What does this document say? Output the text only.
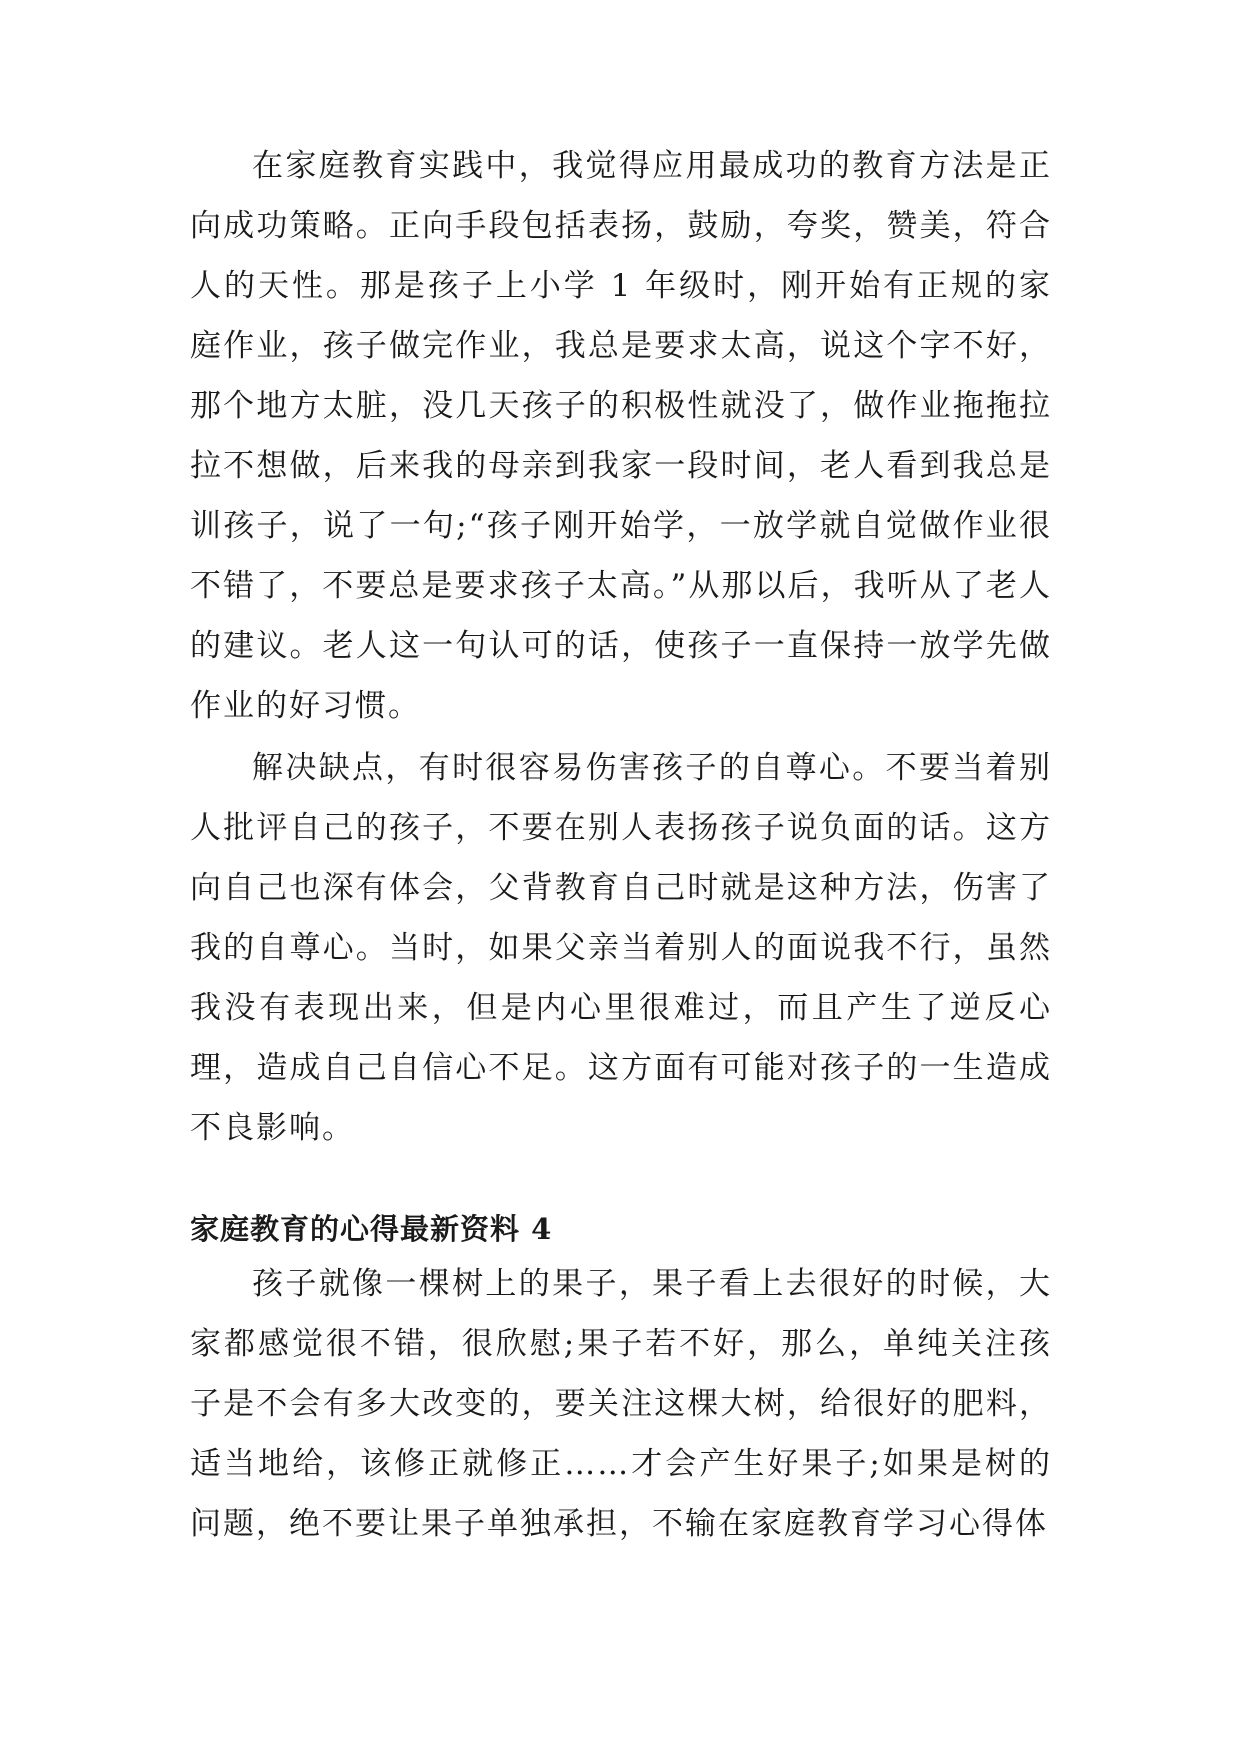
在家庭教育实践中，我觉得应用最成功的教育方法是正向成功策略。正向手段包括表扬，鼓励，夸奖，赞美，符合人的天性。那是孩子上小学 1 年级时，刚开始有正规的家庭作业，孩子做完作业，我总是要求太高，说这个字不好，那个地方太脏，没几天孩子的积极性就没了，做作业拖拖拉拉不想做，后来我的母亲到我家一段时间，老人看到我总是训孩子，说了一句;“孩子刚开始学，一放学就自觉做作业很不错了，不要总是要求孩子太高。”从那以后，我听从了老人的建议。老人这一句认可的话，使孩子一直保持一放学先做作业的好习惯。

解决缺点，有时很容易伤害孩子的自尊心。不要当着别人批评自己的孩子，不要在别人表扬孩子说负面的话。这方向自己也深有体会，父背教育自己时就是这种方法，伤害了我的自尊心。当时，如果父亲当着别人的面说我不行，虽然我没有表现出来，但是内心里很难过，而且产生了逆反心理，造成自己自信心不足。这方面有可能对孩子的一生造成不良影响。

家庭教育的心得最新资料 4

孩子就像一棵树上的果子，果子看上去很好的时候，大家都感觉很不错，很欣慰;果子若不好，那么，单纯关注孩子是不会有多大改变的，要关注这棵大树，给很好的肥料，适当地给，该修正就修正……才会产生好果子;如果是树的问题，绝不要让果子单独承担，不输在家庭教育学习心得体
